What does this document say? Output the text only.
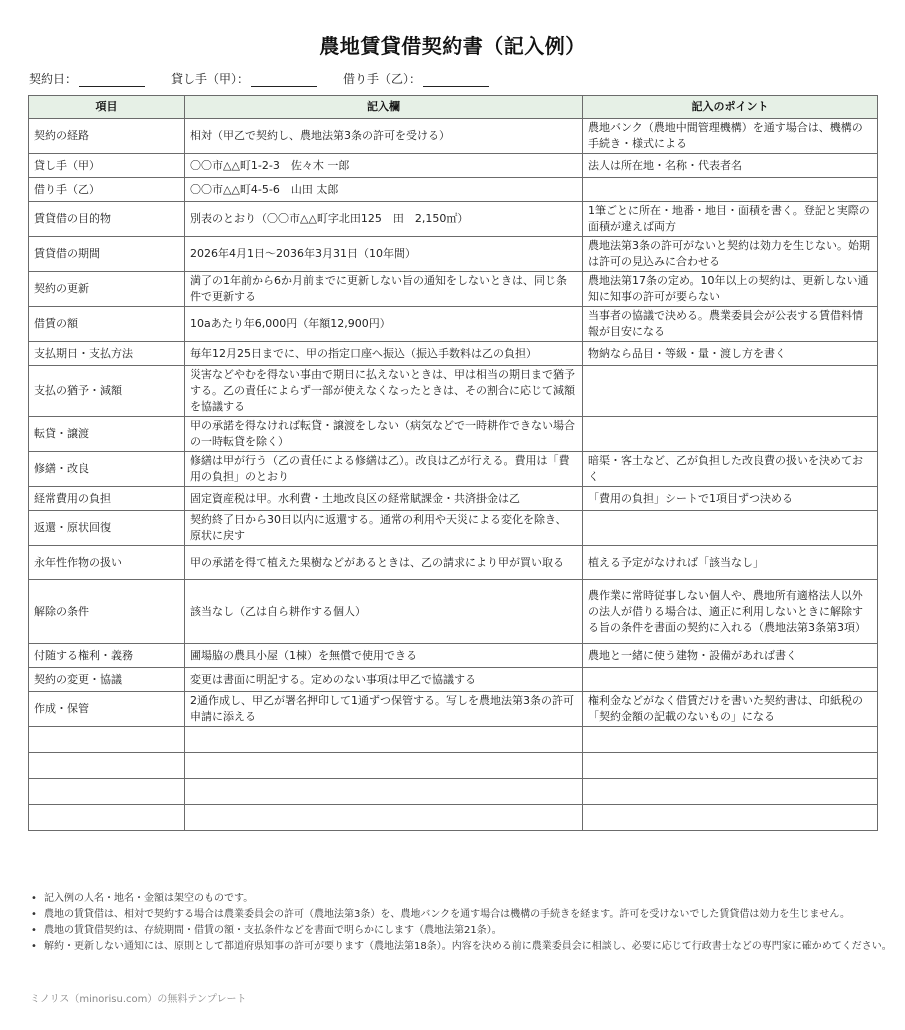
農地賃貸借契約書（記入例）
契約日：	貸し手（甲）：	借り手（乙）：
項目	記入欄	記入のポイント
契約の経路	相対（甲乙で契約し、農地法第3条の許可を受ける）	農地バンク（農地中間管理機構）を通す場合は、機構の手続き・様式による
貸し手（甲）	〇〇市△△町1-2-3　佐々木 一郎	法人は所在地・名称・代表者名
借り手（乙）	〇〇市△△町4-5-6　山田 太郎	
賃貸借の目的物	別表のとおり（〇〇市△△町字北田125　田　2,150㎡）	1筆ごとに所在・地番・地目・面積を書く。登記と実際の面積が違えば両方
賃貸借の期間	2026年4月1日〜2036年3月31日（10年間）	農地法第3条の許可がないと契約は効力を生じない。始期は許可の見込みに合わせる
契約の更新	満了の1年前から6か月前までに更新しない旨の通知をしないときは、同じ条件で更新する	農地法第17条の定め。10年以上の契約は、更新しない通知に知事の許可が要らない
借賃の額	10aあたり年6,000円（年額12,900円）	当事者の協議で決める。農業委員会が公表する賃借料情報が目安になる
支払期日・支払方法	毎年12月25日までに、甲の指定口座へ振込（振込手数料は乙の負担）	物納なら品目・等級・量・渡し方を書く
支払の猶予・減額	災害などやむを得ない事由で期日に払えないときは、甲は相当の期日まで猶予する。乙の責任によらず一部が使えなくなったときは、その割合に応じて減額を協議する	
転貸・譲渡	甲の承諾を得なければ転貸・譲渡をしない（病気などで一時耕作できない場合の一時転貸を除く）	
修繕・改良	修繕は甲が行う（乙の責任による修繕は乙）。改良は乙が行える。費用は「費用の負担」のとおり	暗渠・客土など、乙が負担した改良費の扱いを決めておく
経常費用の負担	固定資産税は甲。水利費・土地改良区の経常賦課金・共済掛金は乙	「費用の負担」シートで1項目ずつ決める
返還・原状回復	契約終了日から30日以内に返還する。通常の利用や天災による変化を除き、原状に戻す	
永年性作物の扱い	甲の承諾を得て植えた果樹などがあるときは、乙の請求により甲が買い取る	植える予定がなければ「該当なし」
解除の条件	該当なし（乙は自ら耕作する個人）	農作業に常時従事しない個人や、農地所有適格法人以外の法人が借りる場合は、適正に利用しないときに解除する旨の条件を書面の契約に入れる（農地法第3条第3項）
付随する権利・義務	圃場脇の農具小屋（1棟）を無償で使用できる	農地と一緒に使う建物・設備があれば書く
契約の変更・協議	変更は書面に明記する。定めのない事項は甲乙で協議する	
作成・保管	2通作成し、甲乙が署名押印して1通ずつ保管する。写しを農地法第3条の許可申請に添える	権利金などがなく借賃だけを書いた契約書は、印紙税の「契約金額の記載のないもの」になる

• 記入例の人名・地名・金額は架空のものです。
• 農地の賃貸借は、相対で契約する場合は農業委員会の許可（農地法第3条）を、農地バンクを通す場合は機構の手続きを経ます。許可を受けないでした賃貸借は効力を生じません。
• 農地の賃貸借契約は、存続期間・借賃の額・支払条件などを書面で明らかにします（農地法第21条）。
• 解約・更新しない通知には、原則として都道府県知事の許可が要ります（農地法第18条）。内容を決める前に農業委員会に相談し、必要に応じて行政書士などの専門家に確かめてください。
ミノリス（minorisu.com）の無料テンプレート
